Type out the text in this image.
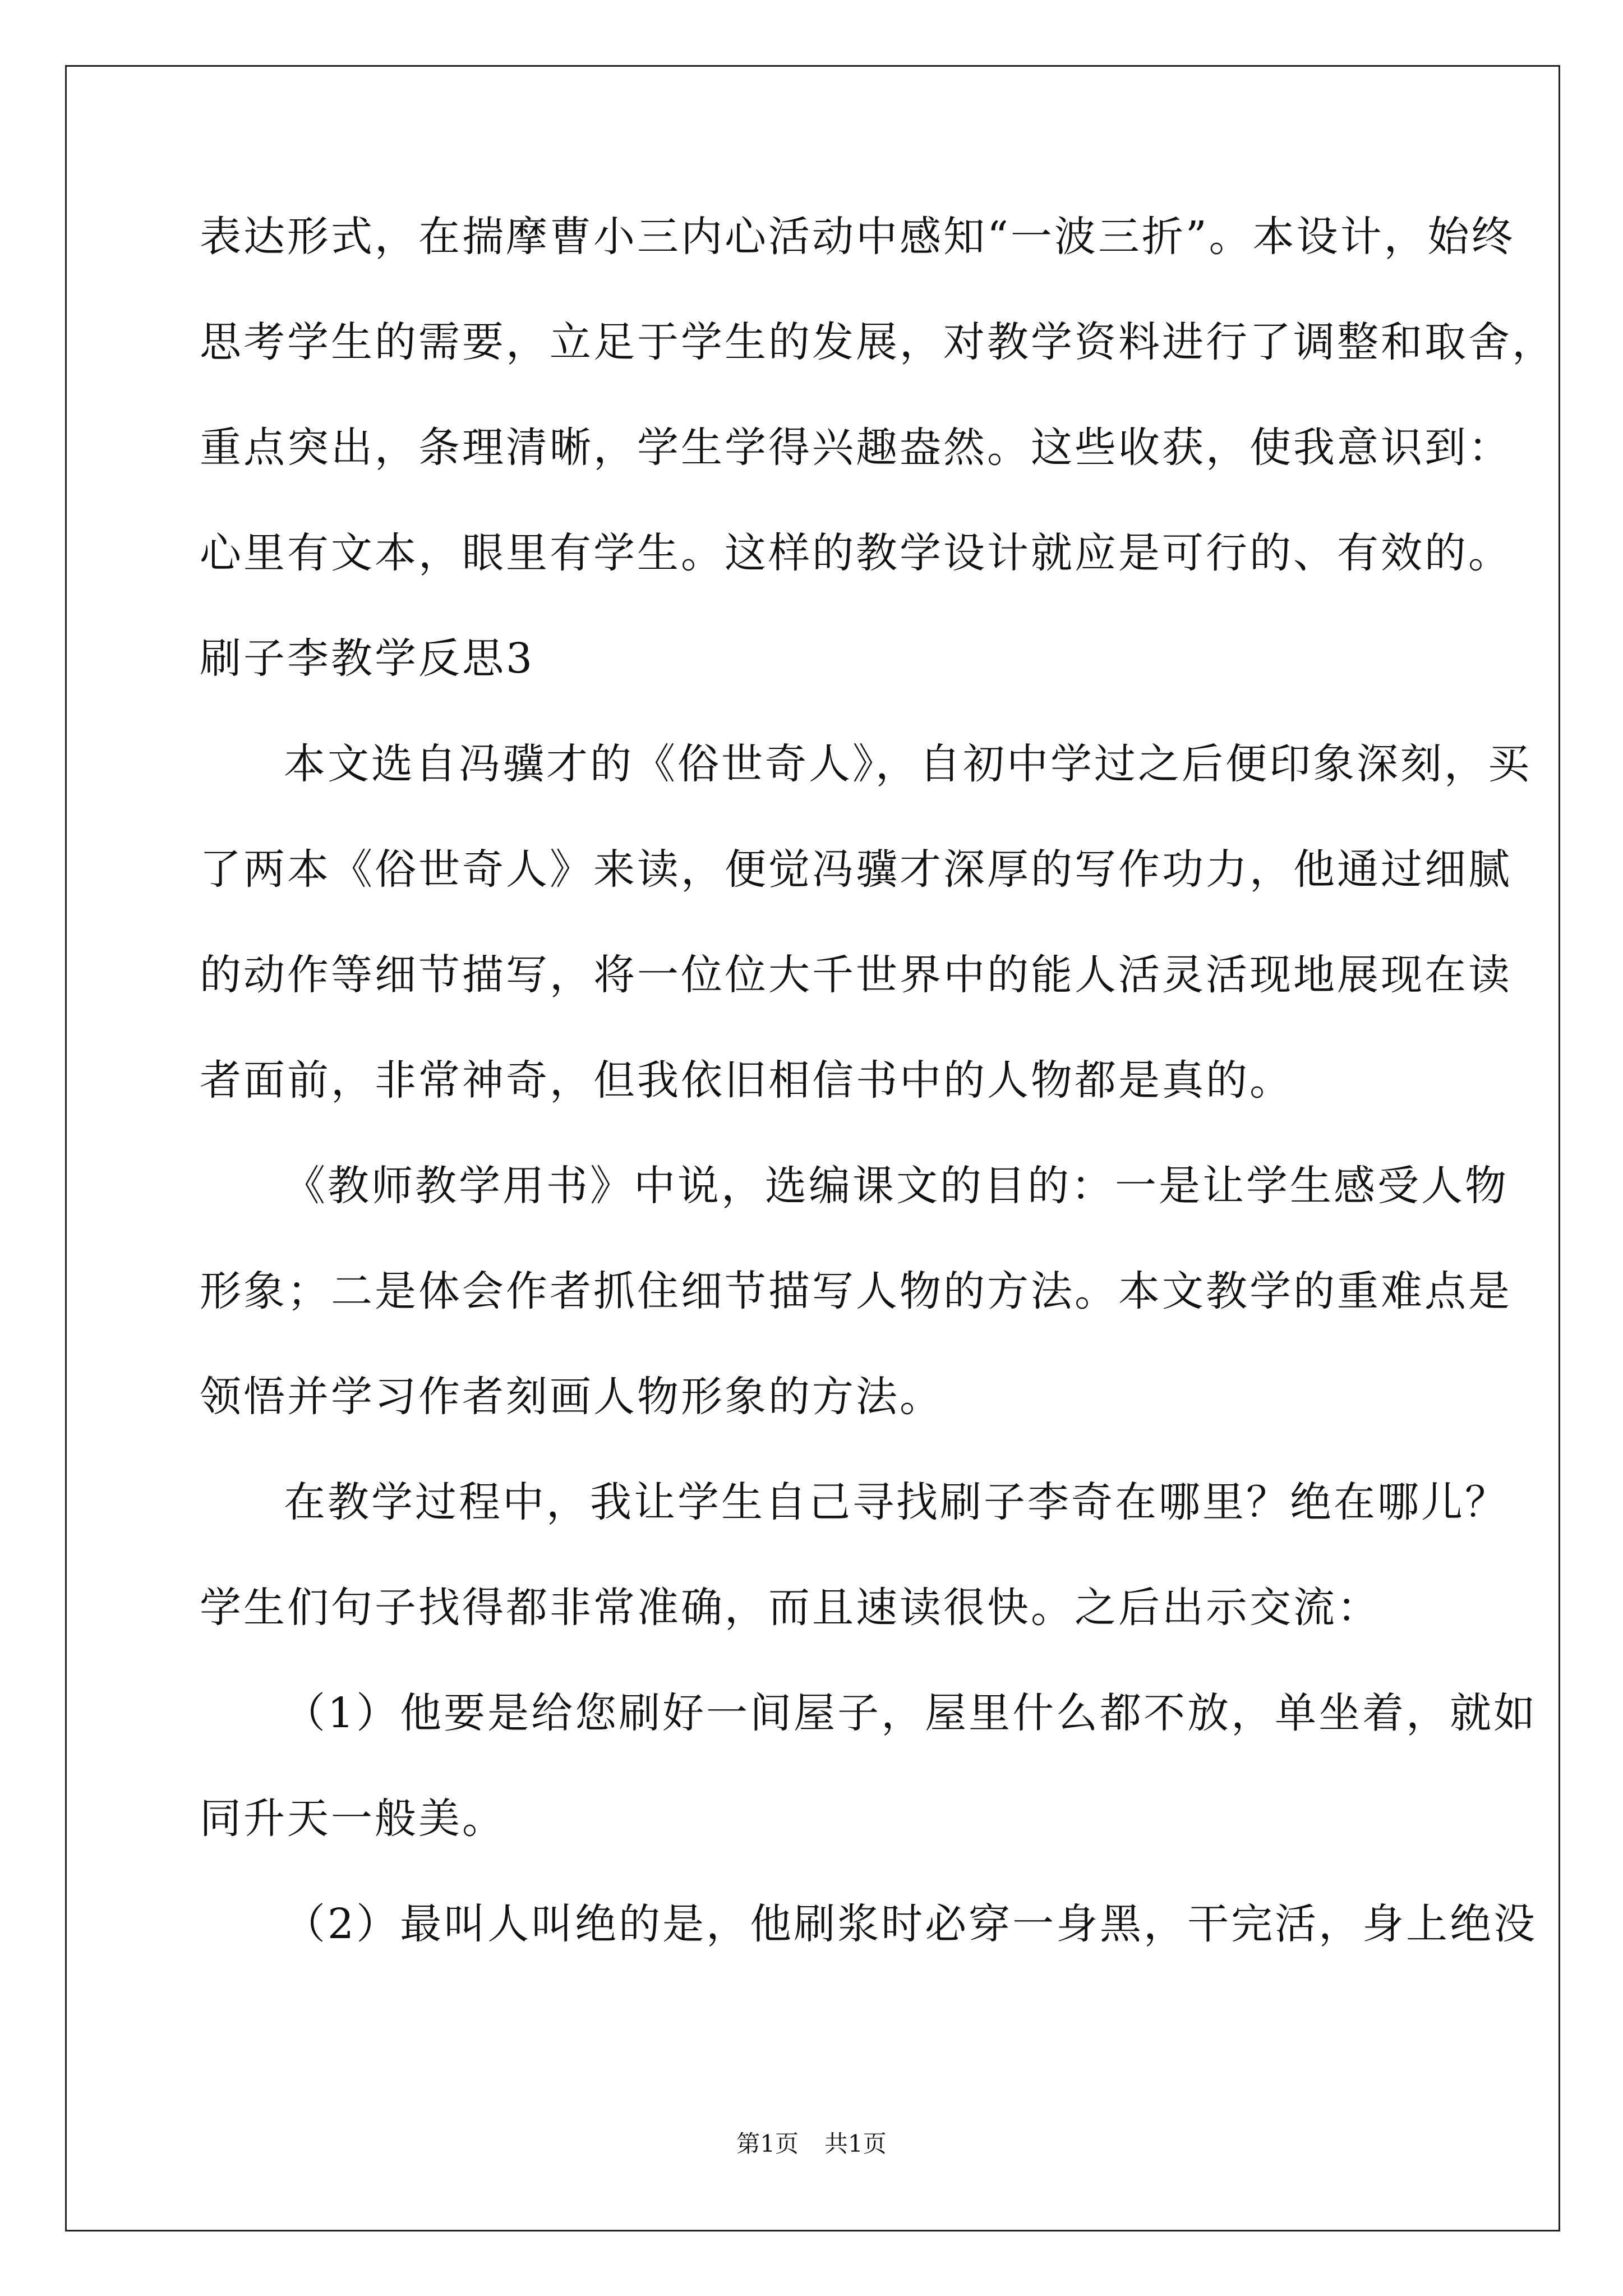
表达形式，在揣摩曹小三内心活动中感知“一波三折”。本设计，始终
思考学生的需要，立足于学生的发展，对教学资料进行了调整和取舍，
重点突出，条理清晰，学生学得兴趣盎然。这些收获，使我意识到：
心里有文本，眼里有学生。这样的教学设计就应是可行的、有效的。
刷子李教学反思3
本文选自冯骥才的《俗世奇人》，自初中学过之后便印象深刻，买
了两本《俗世奇人》来读，便觉冯骥才深厚的写作功力，他通过细腻
的动作等细节描写，将一位位大千世界中的能人活灵活现地展现在读
者面前，非常神奇，但我依旧相信书中的人物都是真的。
《教师教学用书》中说，选编课文的目的：一是让学生感受人物
形象；二是体会作者抓住细节描写人物的方法。本文教学的重难点是
领悟并学习作者刻画人物形象的方法。
在教学过程中，我让学生自己寻找刷子李奇在哪里？绝在哪儿？
学生们句子找得都非常准确，而且速读很快。之后出示交流：
（1）他要是给您刷好一间屋子，屋里什么都不放，单坐着，就如
同升天一般美。
（2）最叫人叫绝的是，他刷浆时必穿一身黑，干完活，身上绝没
第1页 共1页
